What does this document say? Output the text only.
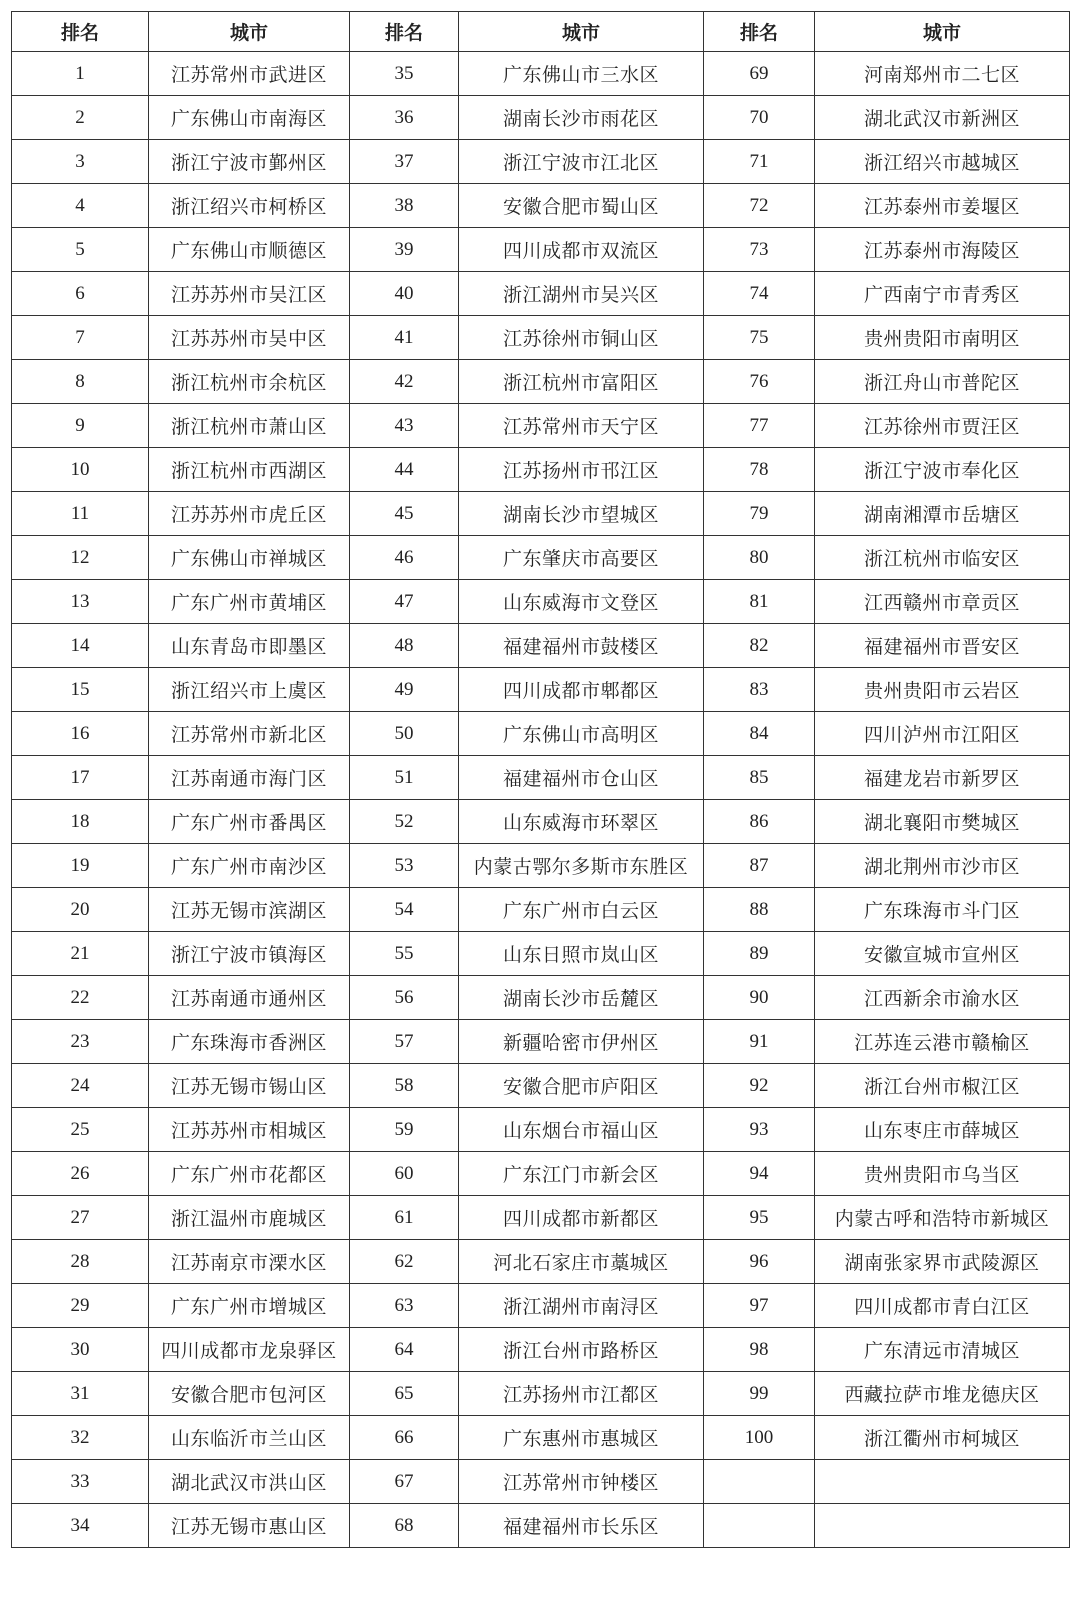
排名	城市	排名	城市	排名	城市
1	江苏常州市武进区	35	广东佛山市三水区	69	河南郑州市二七区
2	广东佛山市南海区	36	湖南长沙市雨花区	70	湖北武汉市新洲区
3	浙江宁波市鄞州区	37	浙江宁波市江北区	71	浙江绍兴市越城区
4	浙江绍兴市柯桥区	38	安徽合肥市蜀山区	72	江苏泰州市姜堰区
5	广东佛山市顺德区	39	四川成都市双流区	73	江苏泰州市海陵区
6	江苏苏州市吴江区	40	浙江湖州市吴兴区	74	广西南宁市青秀区
7	江苏苏州市吴中区	41	江苏徐州市铜山区	75	贵州贵阳市南明区
8	浙江杭州市余杭区	42	浙江杭州市富阳区	76	浙江舟山市普陀区
9	浙江杭州市萧山区	43	江苏常州市天宁区	77	江苏徐州市贾汪区
10	浙江杭州市西湖区	44	江苏扬州市邗江区	78	浙江宁波市奉化区
11	江苏苏州市虎丘区	45	湖南长沙市望城区	79	湖南湘潭市岳塘区
12	广东佛山市禅城区	46	广东肇庆市高要区	80	浙江杭州市临安区
13	广东广州市黄埔区	47	山东威海市文登区	81	江西赣州市章贡区
14	山东青岛市即墨区	48	福建福州市鼓楼区	82	福建福州市晋安区
15	浙江绍兴市上虞区	49	四川成都市郫都区	83	贵州贵阳市云岩区
16	江苏常州市新北区	50	广东佛山市高明区	84	四川泸州市江阳区
17	江苏南通市海门区	51	福建福州市仓山区	85	福建龙岩市新罗区
18	广东广州市番禺区	52	山东威海市环翠区	86	湖北襄阳市樊城区
19	广东广州市南沙区	53	内蒙古鄂尔多斯市东胜区	87	湖北荆州市沙市区
20	江苏无锡市滨湖区	54	广东广州市白云区	88	广东珠海市斗门区
21	浙江宁波市镇海区	55	山东日照市岚山区	89	安徽宣城市宣州区
22	江苏南通市通州区	56	湖南长沙市岳麓区	90	江西新余市渝水区
23	广东珠海市香洲区	57	新疆哈密市伊州区	91	江苏连云港市赣榆区
24	江苏无锡市锡山区	58	安徽合肥市庐阳区	92	浙江台州市椒江区
25	江苏苏州市相城区	59	山东烟台市福山区	93	山东枣庄市薛城区
26	广东广州市花都区	60	广东江门市新会区	94	贵州贵阳市乌当区
27	浙江温州市鹿城区	61	四川成都市新都区	95	内蒙古呼和浩特市新城区
28	江苏南京市溧水区	62	河北石家庄市藁城区	96	湖南张家界市武陵源区
29	广东广州市增城区	63	浙江湖州市南浔区	97	四川成都市青白江区
30	四川成都市龙泉驿区	64	浙江台州市路桥区	98	广东清远市清城区
31	安徽合肥市包河区	65	江苏扬州市江都区	99	西藏拉萨市堆龙德庆区
32	山东临沂市兰山区	66	广东惠州市惠城区	100	浙江衢州市柯城区
33	湖北武汉市洪山区	67	江苏常州市钟楼区		
34	江苏无锡市惠山区	68	福建福州市长乐区		
